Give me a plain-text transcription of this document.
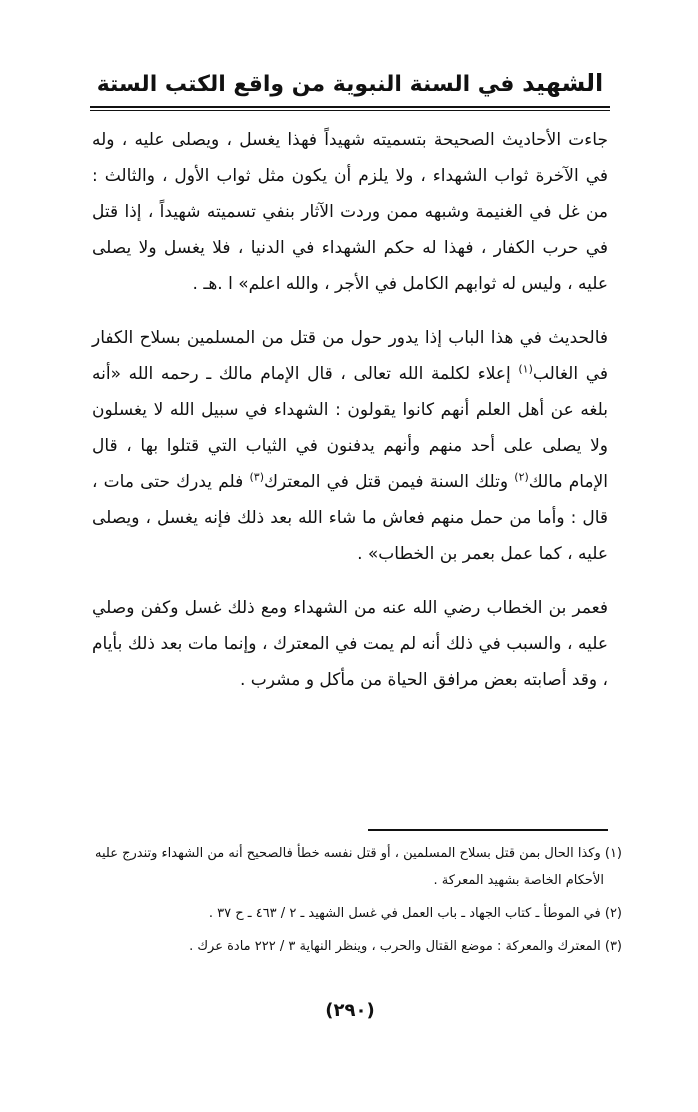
الشهيد في السنة النبوية من واقع الكتب الستة

جاءت الأحاديث الصحيحة بتسميته شهيداً فهذا يغسل ، ويصلى عليه ، وله في الآخرة ثواب الشهداء ، ولا يلزم أن يكون مثل ثواب الأول ، والثالث : من غل في الغنيمة وشبهه ممن وردت الآثار بنفي تسميته شهيداً ، إذا قتل في حرب الكفار ، فهذا له حكم الشهداء في الدنيا ، فلا يغسل ولا يصلى عليه ، وليس له ثوابهم الكامل في الأجر ، والله اعلم» ا .هـ .

فالحديث في هذا الباب إذا يدور حول من قتل من المسلمين بسلاح الكفار في الغالب$^{(١)}$ إعلاء لكلمة الله تعالى ، قال الإمام مالك ـ رحمه الله «أنه بلغه عن أهل العلم أنهم كانوا يقولون : الشهداء في سبيل الله لا يغسلون ولا يصلى على أحد منهم وأنهم يدفنون في الثياب التي قتلوا بها ، قال الإمام مالك$^{(٢)}$ وتلك السنة فيمن قتل في المعترك$^{(٣)}$ فلم يدرك حتى مات ، قال : وأما من حمل منهم فعاش ما شاء الله بعد ذلك فإنه يغسل ، ويصلى عليه ، كما عمل بعمر بن الخطاب» .

فعمر بن الخطاب رضي الله عنه من الشهداء ومع ذلك غسل وكفن وصلي عليه ، والسبب في ذلك أنه لم يمت في المعترك ، وإنما مات بعد ذلك بأيام ، وقد أصابته بعض مرافق الحياة من مأكل و مشرب .

(١) وكذا الحال بمن قتل بسلاح المسلمين ، أو قتل نفسه خطأ فالصحيح أنه من الشهداء وتندرج عليه
الأحكام الخاصة بشهيد المعركة .

(٢) في الموطأ ـ كتاب الجهاد ـ باب العمل في غسل الشهيد ـ ٢ / ٤٦٣ ـ ح ٣٧ .

(٣) المعترك والمعركة : موضع القتال والحرب ، وينظر النهاية ٣ / ٢٢٢ مادة عرك .

(٢٩٠)
